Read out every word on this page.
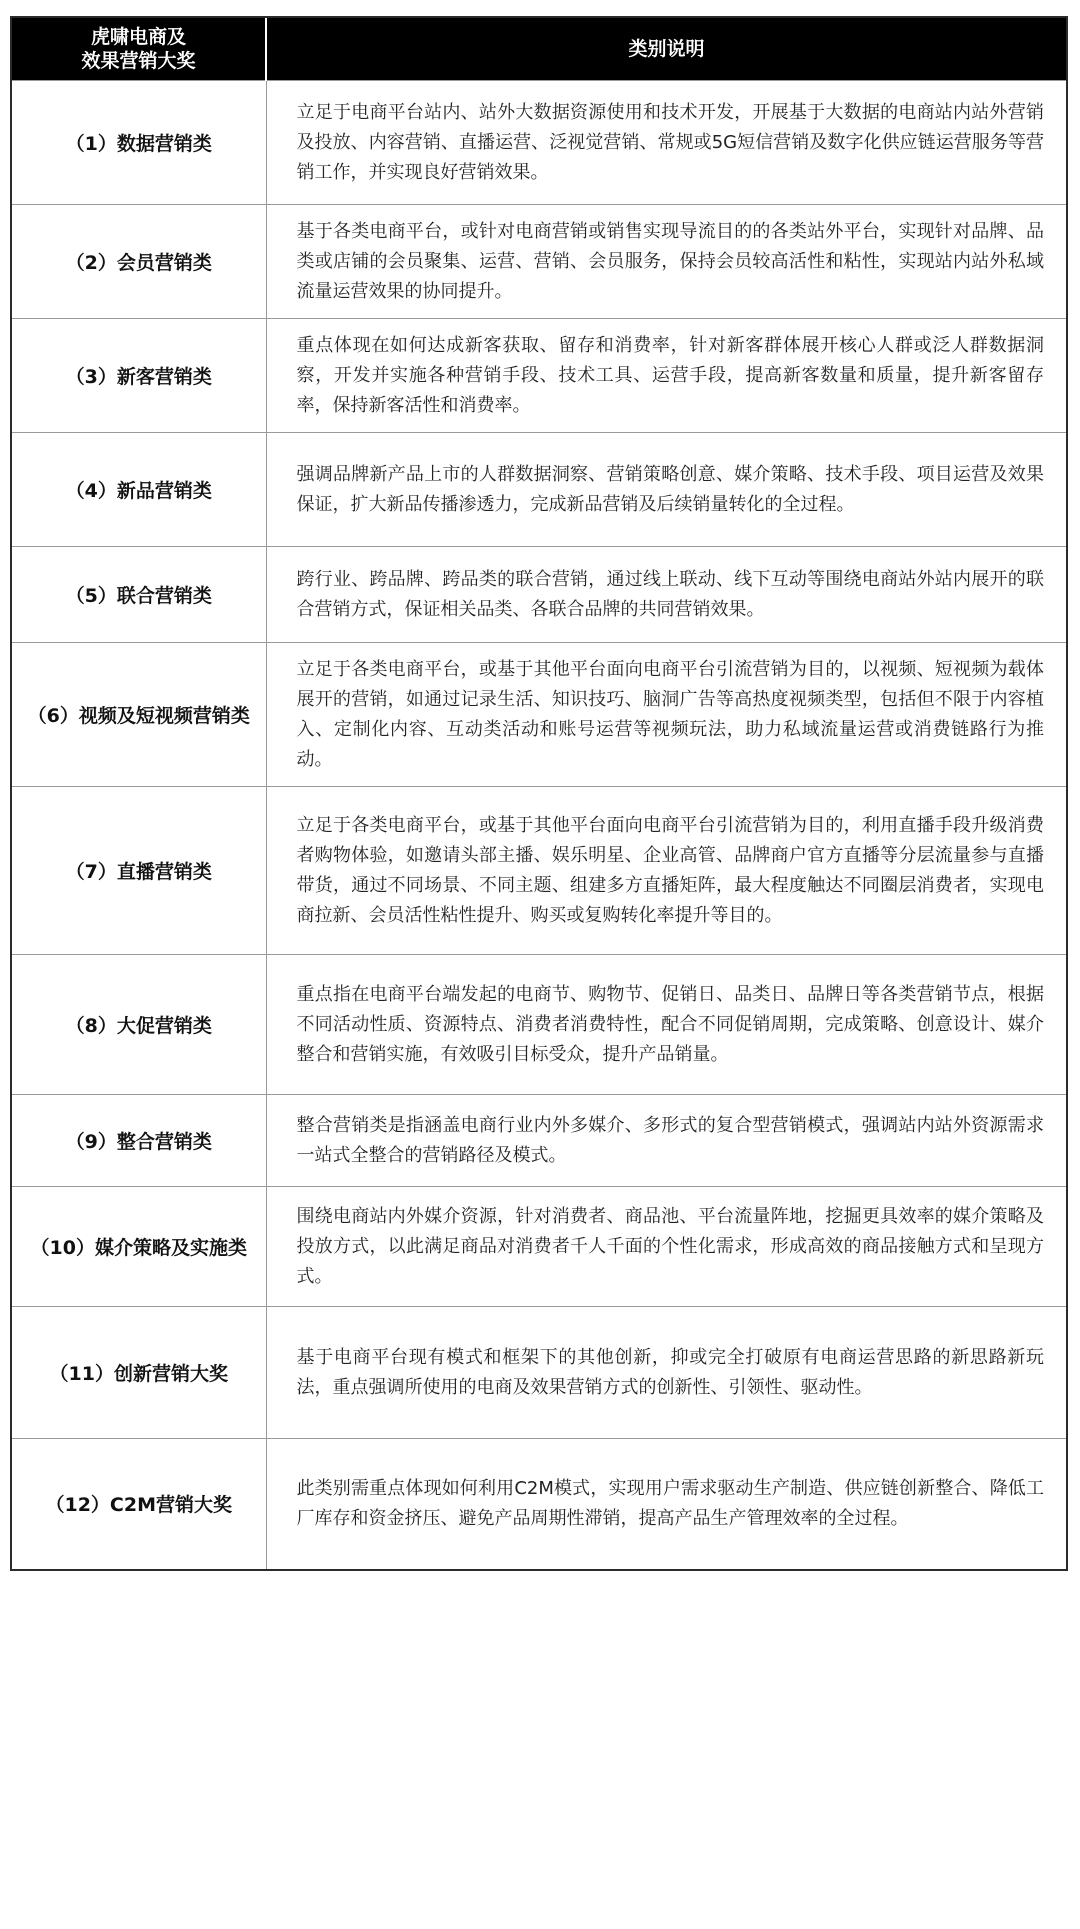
虎啸电商及
效果营销大奖	类别说明
（1）数据营销类	立足于电商平台站内、站外大数据资源使用和技术开发，开展基于大数据的电商站内站外营销及投放、内容营销、直播运营、泛视觉营销、常规或5G短信营销及数字化供应链运营服务等营销工作，并实现良好营销效果。
（2）会员营销类	基于各类电商平台，或针对电商营销或销售实现导流目的的各类站外平台，实现针对品牌、品类或店铺的会员聚集、运营、营销、会员服务，保持会员较高活性和粘性，实现站内站外私域流量运营效果的协同提升。
（3）新客营销类	重点体现在如何达成新客获取、留存和消费率，针对新客群体展开核心人群或泛人群数据洞察，开发并实施各种营销手段、技术工具、运营手段，提高新客数量和质量，提升新客留存率，保持新客活性和消费率。
（4）新品营销类	强调品牌新产品上市的人群数据洞察、营销策略创意、媒介策略、技术手段、项目运营及效果保证，扩大新品传播渗透力，完成新品营销及后续销量转化的全过程。
（5）联合营销类	跨行业、跨品牌、跨品类的联合营销，通过线上联动、线下互动等围绕电商站外站内展开的联合营销方式，保证相关品类、各联合品牌的共同营销效果。
（6）视频及短视频营销类	立足于各类电商平台，或基于其他平台面向电商平台引流营销为目的，以视频、短视频为载体展开的营销，如通过记录生活、知识技巧、脑洞广告等高热度视频类型，包括但不限于内容植入、定制化内容、互动类活动和账号运营等视频玩法，助力私域流量运营或消费链路行为推动。
（7）直播营销类	立足于各类电商平台，或基于其他平台面向电商平台引流营销为目的，利用直播手段升级消费者购物体验，如邀请头部主播、娱乐明星、企业高管、品牌商户官方直播等分层流量参与直播带货，通过不同场景、不同主题、组建多方直播矩阵，最大程度触达不同圈层消费者，实现电商拉新、会员活性粘性提升、购买或复购转化率提升等目的。
（8）大促营销类	重点指在电商平台端发起的电商节、购物节、促销日、品类日、品牌日等各类营销节点，根据不同活动性质、资源特点、消费者消费特性，配合不同促销周期，完成策略、创意设计、媒介整合和营销实施，有效吸引目标受众，提升产品销量。
（9）整合营销类	整合营销类是指涵盖电商行业内外多媒介、多形式的复合型营销模式，强调站内站外资源需求一站式全整合的营销路径及模式。
（10）媒介策略及实施类	围绕电商站内外媒介资源，针对消费者、商品池、平台流量阵地，挖掘更具效率的媒介策略及投放方式，以此满足商品对消费者千人千面的个性化需求，形成高效的商品接触方式和呈现方式。
（11）创新营销大奖	基于电商平台现有模式和框架下的其他创新，抑或完全打破原有电商运营思路的新思路新玩法，重点强调所使用的电商及效果营销方式的创新性、引领性、驱动性。
（12）C2M营销大奖	此类别需重点体现如何利用C2M模式，实现用户需求驱动生产制造、供应链创新整合、降低工厂库存和资金挤压、避免产品周期性滞销，提高产品生产管理效率的全过程。
